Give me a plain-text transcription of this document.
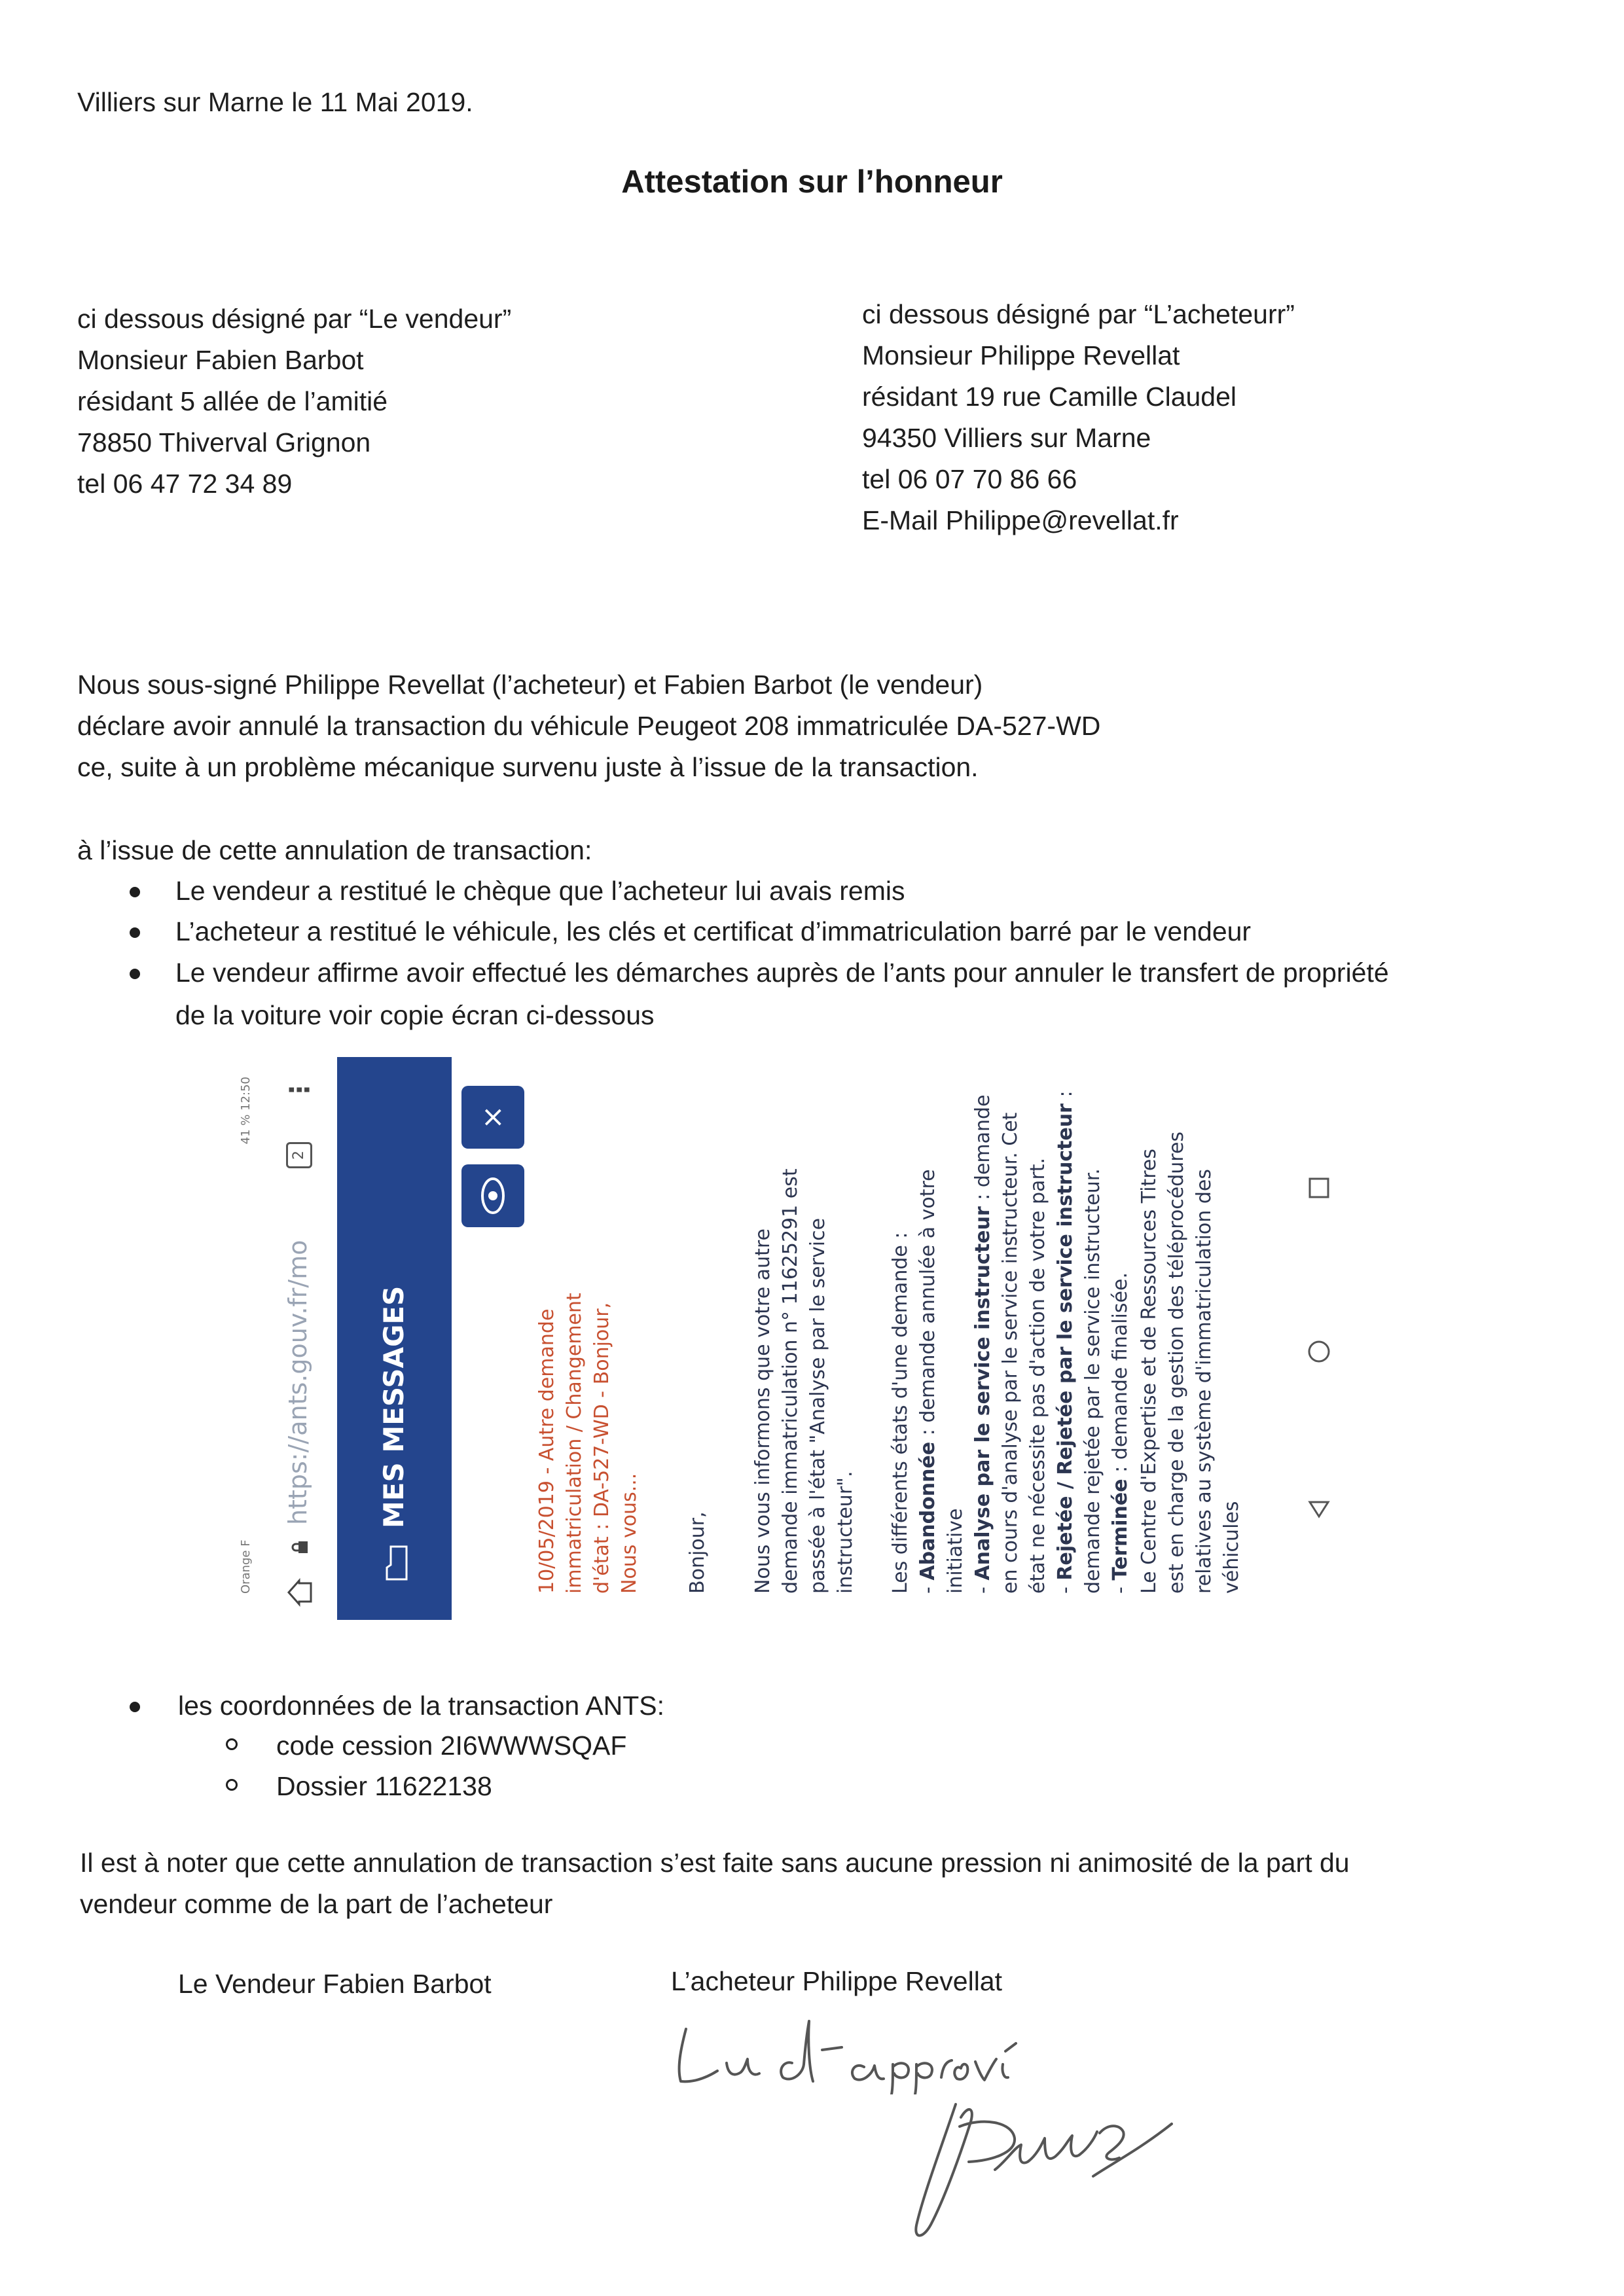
Villiers sur Marne le 11 Mai 2019.
Attestation sur l’honneur
ci dessous désigné par “Le vendeur”
Monsieur Fabien Barbot
résidant 5 allée de l’amitié
78850 Thiverval Grignon
tel 06 47 72 34 89
ci dessous désigné par “L’acheteurr”
Monsieur Philippe Revellat
résidant 19 rue Camille Claudel
94350 Villiers sur Marne
tel 06 07 70 86 66
E-Mail Philippe@revellat.fr
Nous sous-signé Philippe Revellat (l’acheteur) et Fabien Barbot (le vendeur)
déclare avoir annulé la transaction du véhicule Peugeot 208 immatriculée DA-527-WD
ce, suite à un problème mécanique survenu juste à l’issue de la transaction.
à l’issue de cette annulation de transaction:
Le vendeur a restitué le chèque que l’acheteur lui avais remis
L’acheteur a restitué le véhicule, les clés et certificat d’immatriculation barré par le vendeur
Le vendeur affirme avoir effectué les démarches auprès de l’ants pour annuler le transfert de propriété
de la voiture voir copie écran ci-dessous
Orange F
41 % 12:50
https://ants.gouv.fr/mo
2
⋮
MES MESSAGES
×
10/05/2019 - Autre demande immatriculation / Changement d'état : DA-527-WD - Bonjour, Nous vous... Bonjour, Nous vous informons que votre autre demande immatriculation n° 11625291 est passée à l'état "Analyse par le service instructeur". Les différents états d'une demande : - Abandonnée : demande annulée à votre initiative - Analyse par le service instructeur : demande en cours d'analyse par le service instructeur. Cet état ne nécessite pas d'action de votre part. - Rejetée / Rejetée par le service instructeur : demande rejetée par le service instructeur. - Terminée : demande finalisée. Le Centre d'Expertise et de Ressources Titres est en charge de la gestion des téléprocédures relatives au système d'immatriculation des véhicules
les coordonnées de la transaction ANTS:
code cession 2I6WWWSQAF
Dossier 11622138
Il est à noter que cette annulation de transaction s’est faite sans aucune pression ni animosité de la part du
vendeur comme de la part de l’acheteur
Le Vendeur Fabien Barbot	L’acheteur Philippe Revellat
